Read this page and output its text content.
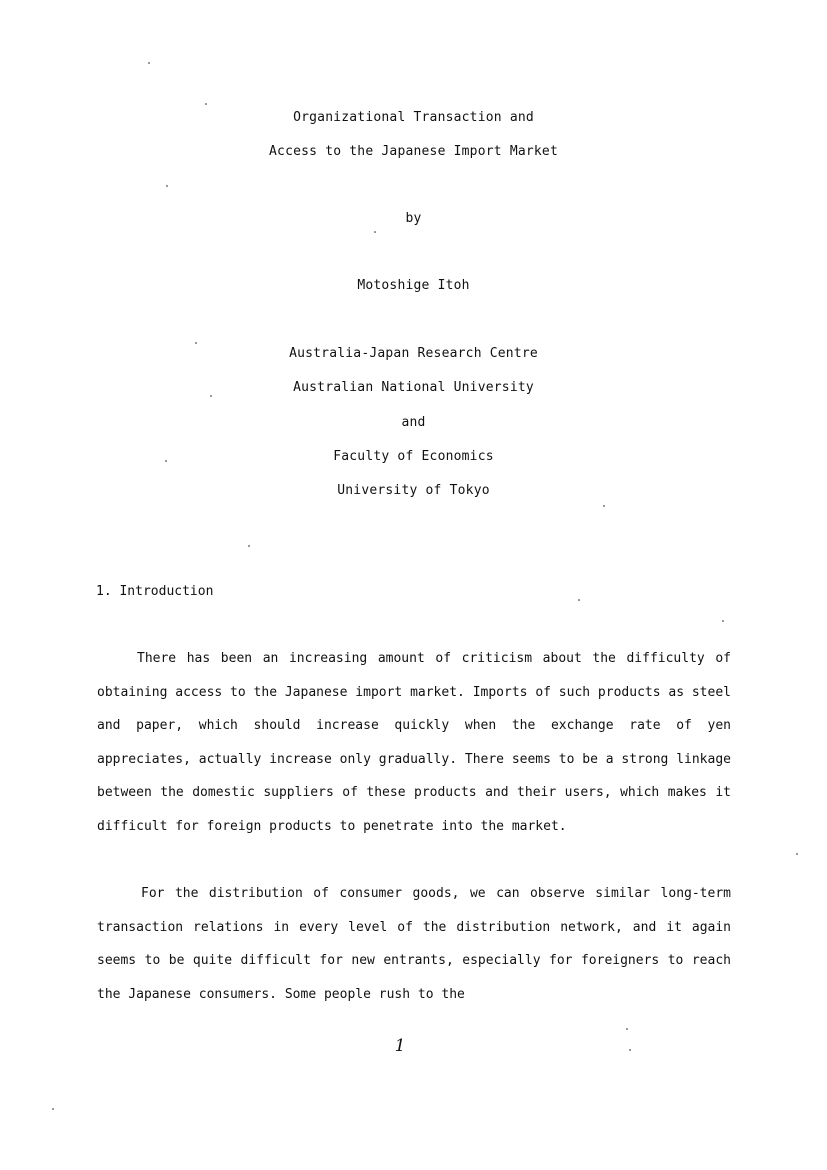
Organizational Transaction and
Access to the Japanese Import Market
by
Motoshige Itoh
Australia-Japan Research Centre
Australian National University
and
Faculty of Economics
University of Tokyo
1. Introduction
There has been an increasing amount of criticism about the difficulty of obtaining access to the Japanese import market. Imports of such products as steel and paper, which should increase quickly when the exchange rate of yen appreciates, actually increase only gradually. There seems to be a strong linkage between the domestic suppliers of these products and their users, which makes it difficult for foreign products to penetrate into the market.
For the distribution of consumer goods, we can observe similar long-term transaction relations in every level of the distribution network, and it again seems to be quite difficult for new entrants, especially for foreigners to reach the Japanese consumers. Some people rush to the
1
